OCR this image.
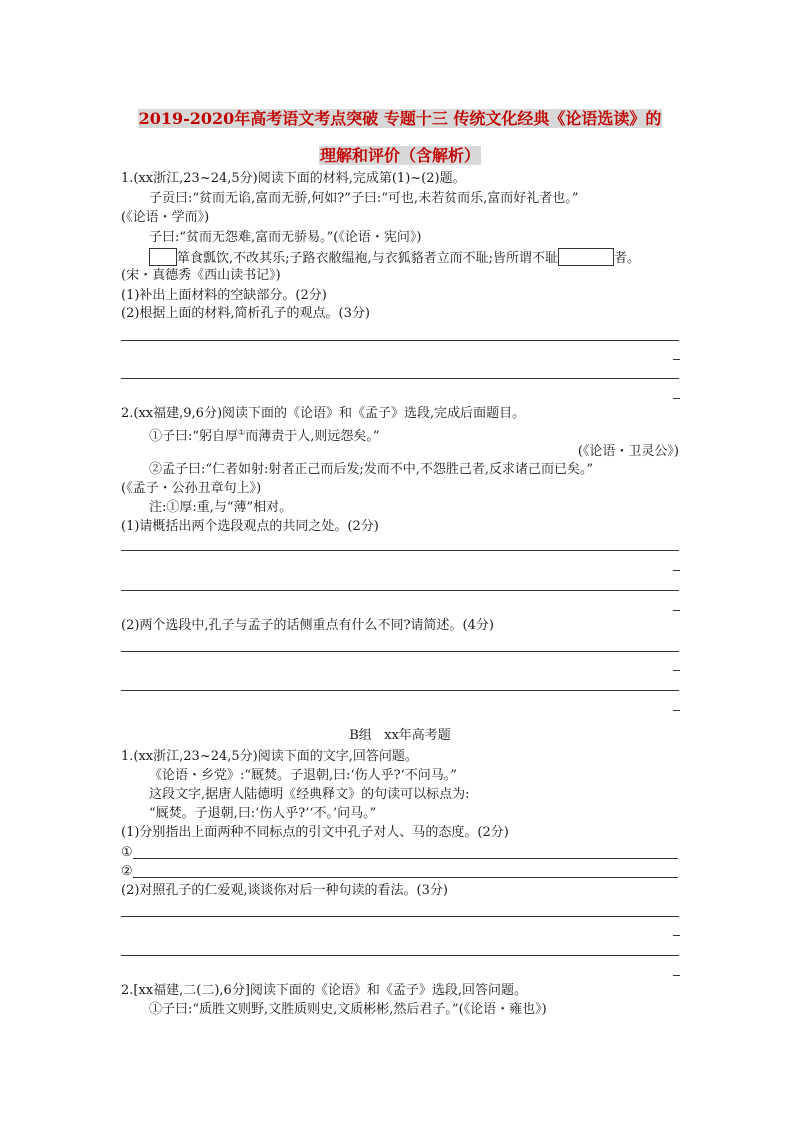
2019-2020年高考语文考点突破 专题十三 传统文化经典《论语选读》的
理解和评价（含解析）
1.(xx浙江,23~24,5分)阅读下面的材料,完成第(1)~(2)题。
子贡曰:“贫而无谄,富而无骄,何如?”子曰:“可也,未若贫而乐,富而好礼者也。”
(《论语・学而》)
子曰:“贫而无怨难,富而无骄易。”(《论语・宪问》)
箪食瓢饮,不改其乐;子路衣敝缊袍,与衣狐貉者立而不耻;皆所谓不耻	者。
(宋・真德秀《西山读书记》)
(1)补出上面材料的空缺部分。(2分)
(2)根据上面的材料,简析孔子的观点。(3分)
2.(xx福建,9,6分)阅读下面的《论语》和《孟子》选段,完成后面题目。
①子曰:“躬自厚①而薄责于人,则远怨矣。”
(《论语・卫灵公》)
②孟子曰:“仁者如射:射者正己而后发;发而不中,不怨胜己者,反求诸己而已矣。”
(《孟子・公孙丑章句上》)
注:①厚:重,与“薄”相对。
(1)请概括出两个选段观点的共同之处。(2分)
(2)两个选段中,孔子与孟子的话侧重点有什么不同?请简述。(4分)
B组   xx年高考题
1.(xx浙江,23~24,5分)阅读下面的文字,回答问题。
《论语・乡党》:“厩焚。子退朝,曰:‘伤人乎?’不问马。”
这段文字,据唐人陆德明《经典释文》的句读可以标点为:
“厩焚。子退朝,曰:‘伤人乎?’‘不。’问马。”
(1)分别指出上面两种不同标点的引文中孔子对人、马的态度。(2分)
①
②
(2)对照孔子的仁爱观,谈谈你对后一种句读的看法。(3分)
2.[xx福建,二(二),6分]阅读下面的《论语》和《孟子》选段,回答问题。
①子曰:“质胜文则野,文胜质则史,文质彬彬,然后君子。”(《论语・雍也》)
